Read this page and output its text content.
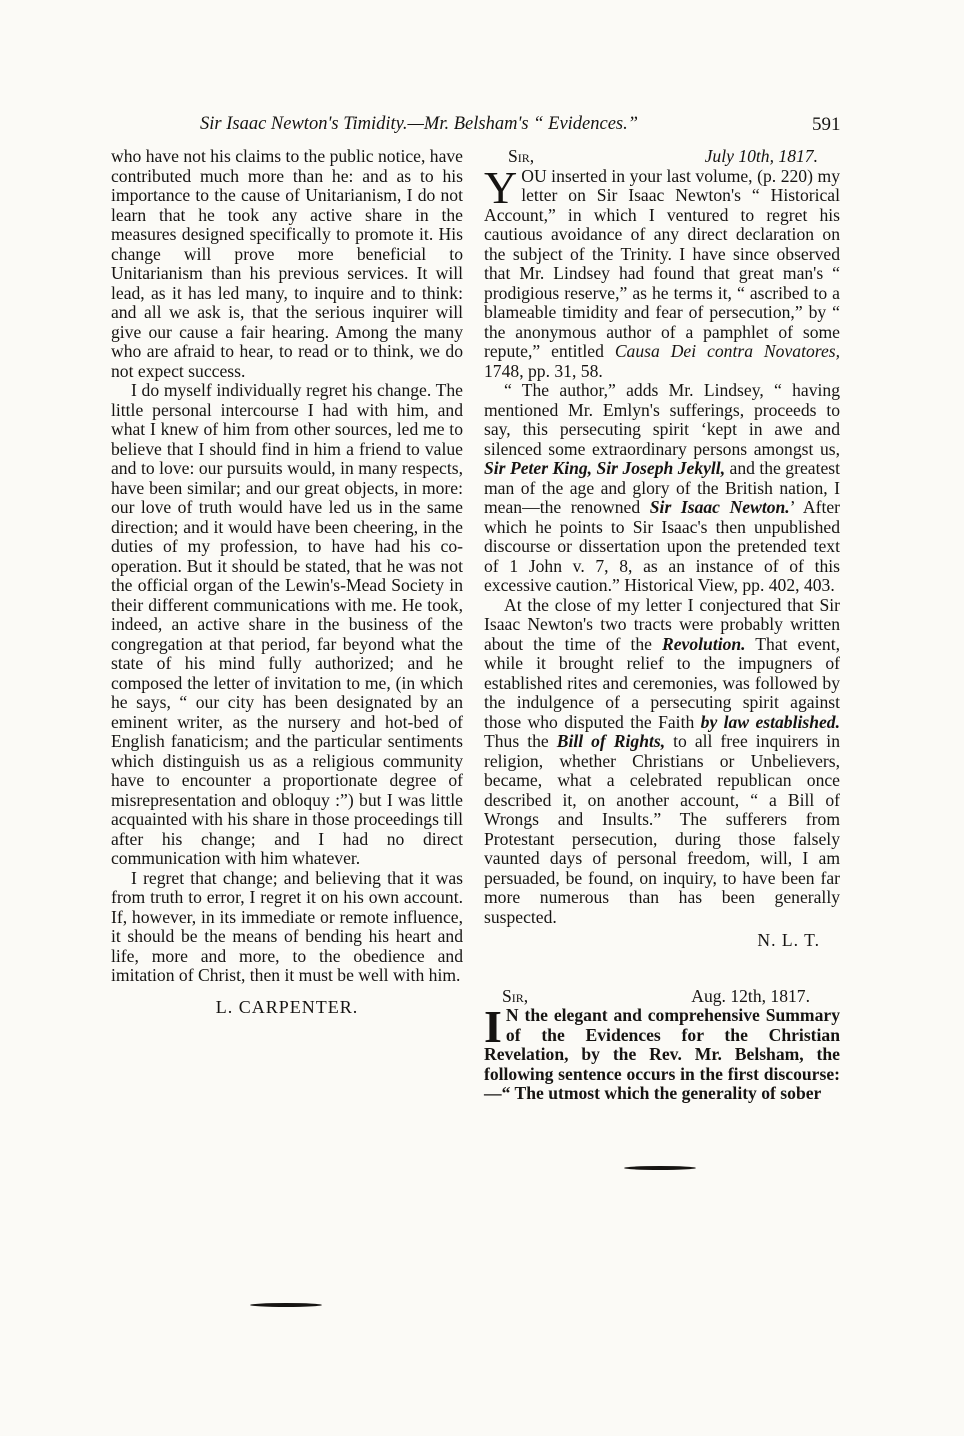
Sir Isaac Newton's Timidity.—Mr. Belsham's “ Evidences.”	591

who have not his claims to the public notice, have contributed much more than he: and as to his importance to the cause of Unitarianism, I do not learn that he took any active share in the measures designed specifically to promote it. His change will prove more beneficial to Unitarianism than his previous services. It will lead, as it has led many, to inquire and to think: and all we ask is, that the serious inquirer will give our cause a fair hearing. Among the many who are afraid to hear, to read or to think, we do not expect success.

I do myself individually regret his change. The little personal intercourse I had with him, and what I knew of him from other sources, led me to believe that I should find in him a friend to value and to love: our pursuits would, in many respects, have been similar; and our great objects, in more: our love of truth would have led us in the same direction; and it would have been cheering, in the duties of my profession, to have had his co-operation. But it should be stated, that he was not the official organ of the Lewin's-Mead Society in their different communications with me. He took, indeed, an active share in the business of the congregation at that period, far beyond what the state of his mind fully authorized; and he composed the letter of invitation to me, (in which he says, “ our city has been designated by an eminent writer, as the nursery and hot-bed of English fanaticism; and the particular sentiments which distinguish us as a religious community have to encounter a proportionate degree of misrepresentation and obloquy :”) but I was little acquainted with his share in those proceedings till after his change; and I had no direct communication with him whatever.

I regret that change; and believing that it was from truth to error, I regret it on his own account. If, however, in its immediate or remote influence, it should be the means of bending his heart and life, more and more, to the obedience and imitation of Christ, then it must be well with him.

L. CARPENTER.
Sir,	July 10th, 1817.

YOU inserted in your last volume, (p. 220) my letter on Sir Isaac Newton's “ Historical Account,” in which I ventured to regret his cautious avoidance of any direct declaration on the subject of the Trinity. I have since observed that Mr. Lindsey had found that great man's “ prodigious reserve,” as he terms it, “ ascribed to a blameable timidity and fear of persecution,” by “ the anonymous author of a pamphlet of some repute,” entitled Causa Dei contra Novatores, 1748, pp. 31, 58.

“ The author,” adds Mr. Lindsey, “ having mentioned Mr. Emlyn's sufferings, proceeds to say, this persecuting spirit ‘kept in awe and silenced some extraordinary persons amongst us, Sir Peter King, Sir Joseph Jekyll, and the greatest man of the age and glory of the British nation, I mean—the renowned Sir Isaac Newton.’ After which he points to Sir Isaac's then unpublished discourse or dissertation upon the pretended text of 1 John v. 7, 8, as an instance of of this excessive caution.” Historical View, pp. 402, 403.

At the close of my letter I conjectured that Sir Isaac Newton's two tracts were probably written about the time of the Revolution. That event, while it brought relief to the impugners of established rites and ceremonies, was followed by the indulgence of a persecuting spirit against those who disputed the Faith by law established. Thus the Bill of Rights, to all free inquirers in religion, whether Christians or Unbelievers, became, what a celebrated republican once described it, on another account, “ a Bill of Wrongs and Insults.” The sufferers from Protestant persecution, during those falsely vaunted days of personal freedom, will, I am persuaded, be found, on inquiry, to have been far more numerous than has been generally suspected.

N. L. T.
Sir,	Aug. 12th, 1817.

I N the elegant and comprehensive Summary of the Evidences for the Christian Revelation, by the Rev. Mr. Belsham, the following sentence occurs in the first discourse:—“ The utmost which the generality of sober
